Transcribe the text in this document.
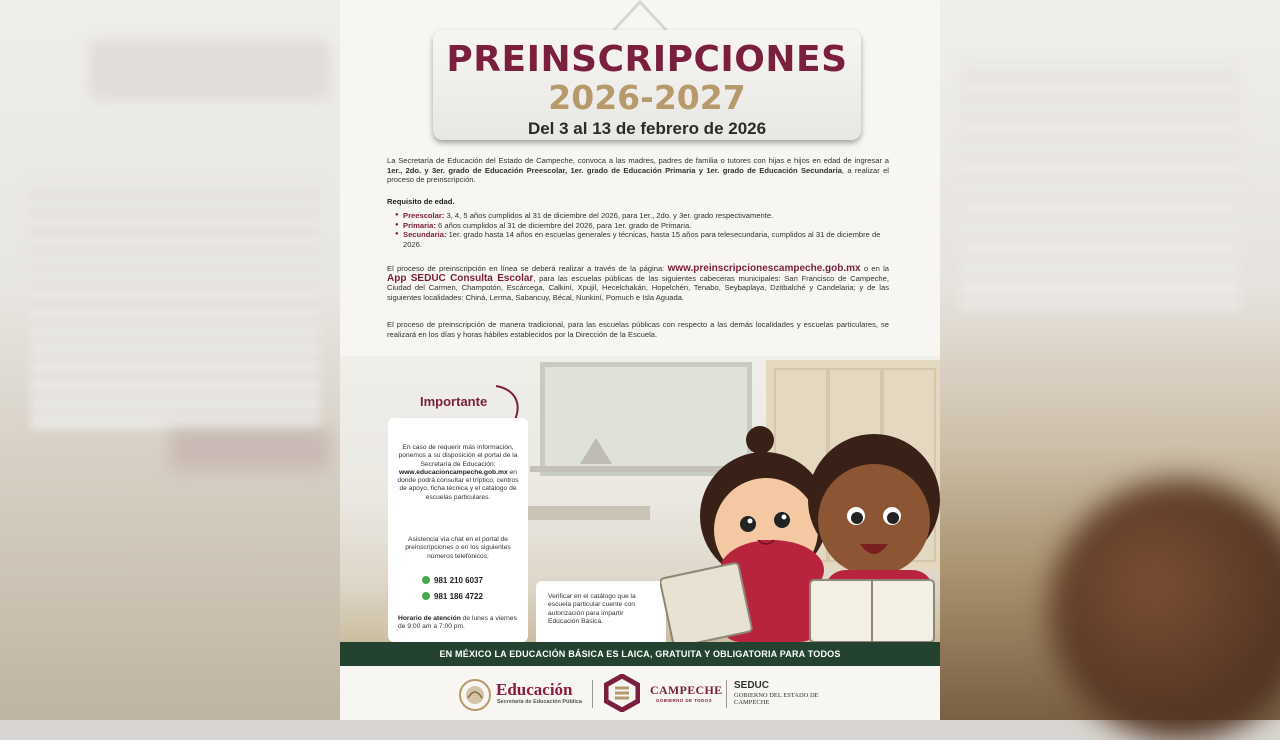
PREINSCRIPCIONES
2026-2027
Del 3 al 13 de febrero de 2026
La Secretaría de Educación del Estado de Campeche, convoca a las madres, padres de familia o tutores con hijas e hijos en edad de ingresar a 1er., 2do. y 3er. grado de Educación Preescolar, 1er. grado de Educación Primaria y 1er. grado de Educación Secundaria, a realizar el proceso de preinscripción.
Requisito de edad.
● Preescolar: 3, 4, 5 años cumplidos al 31 de diciembre del 2026, para 1er., 2do. y 3er. grado respectivamente.
● Primaria: 6 años cumplidos al 31 de diciembre del 2026, para 1er. grado de Primaria.
● Secundaria: 1er. grado hasta 14 años en escuelas generales y técnicas, hasta 15 años para telesecundaria, cumplidos al 31 de diciembre de 2026.
El proceso de preinscripción en línea se deberá realizar a través de la página: www.preinscripcionescampeche.gob.mx o en la App SEDUC Consulta Escolar, para las escuelas públicas de las siguientes cabeceras municipales: San Francisco de Campeche, Ciudad del Carmen, Champotón, Escárcega, Calkiní, Xpujil, Hecelchakán, Hopelchén, Tenabo, Seybaplaya, Dzitbalché y Candelaria; y de las siguientes localidades: Chiná, Lerma, Sabancuy, Bécal, Nunkiní, Pomuch e Isla Aguada.
El proceso de preinscripción de manera tradicional, para las escuelas públicas con respecto a las demás localidades y escuelas particulares, se realizará en los días y horas hábiles establecidos por la Dirección de la Escuela.
Importante
En caso de requerir más información, ponemos a su disposición el portal de la Secretaría de Educación: www.educacioncampeche.gob.mx en donde podrá consultar el tríptico, centros de apoyo, ficha técnica y el catálogo de escuelas particulares.
Asistencia vía chat en el portal de preinscripciones o en los siguientes números telefónicos:
981 210 6037
981 186 4722
Horario de atención de lunes a viernes de 9:00 am a 7:00 pm.
Verificar en el catálogo que la escuela particular cuente con autorización para impartir Educación Básica.
EN MÉXICO LA EDUCACIÓN BÁSICA ES LAICA, GRATUITA Y OBLIGATORIA PARA TODOS
Educación
Secretaría de Educación Pública
CAMPECHE
GOBIERNO DE TODOS
SEDUC
GOBIERNO DEL ESTADO DE CAMPECHE
